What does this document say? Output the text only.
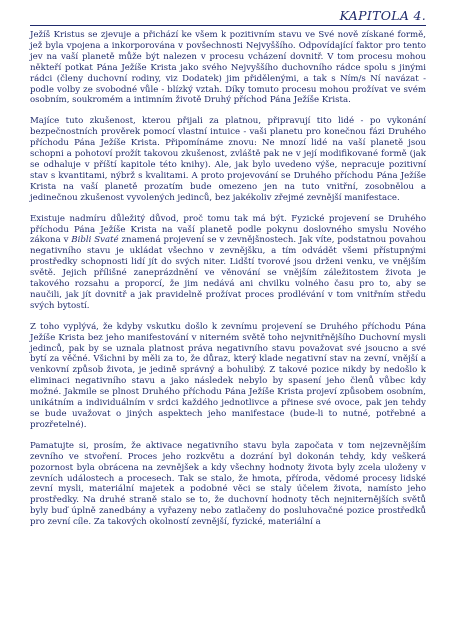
KAPITOLA 4.

Ježíš Kristus se zjevuje a přichází ke všem k pozitivním stavu ve Své nově získané formě, jež byla vpojena a inkorporována v povšechnosti Nejvyššího. Odpovídající faktor pro tento jev na vaší planetě může být nalezen v procesu vcházení dovnitř. V tom procesu mohou někteří potkat Pána Ježíše Krista jako svého Nejvyššího duchovního rádce spolu s jinými rádci (členy duchovní rodiny, viz Dodatek) jim přidělenými, a tak s Ním/s Ní navázat - podle volby ze svobodné vůle - blízký vztah. Díky tomuto procesu mohou prožívat ve svém osobním, soukromém a intimním životě Druhý příchod Pána Ježíše Krista.

Majíce tuto zkušenost, kterou přijali za platnou, připravují tito lidé - po vykonání bezpečnostních prověrek pomocí vlastní intuice - vaši planetu pro konečnou fázi Druhého příchodu Pána Ježíše Krista. Připomínáme znovu: Ne mnozí lidé na vaší planetě jsou schopni a pohotoví prožít takovou zkušenost, zvláště pak ne v její modifikované formě (jak se odhaluje v příští kapitole této knihy). Ale, jak bylo uvedeno výše, nepracuje pozitivní stav s kvantitami, nýbrž s kvalitami. A proto projevování se Druhého příchodu Pána Ježíše Krista na vaší planetě prozatím bude omezeno jen na tuto vnitřní, zosobnělou a jedinečnou zkušenost vyvolených jedinců, bez jakékoliv zřejmé zevnější manifestace.

Existuje nadmíru důležitý důvod, proč tomu tak má být. Fyzické projevení se Druhého příchodu Pána Ježíše Krista na vaší planetě podle pokynu doslovného smyslu Nového zákona v Bibli Svaté znamená projevení se v zevnějšnostech. Jak víte, podstatnou povahou negativního stavu je ukládat všechno v zevnějšku, a tím odvádět všemi přístupnými prostředky schopnosti lidí jít do svých niter. Lidští tvorové jsou drženi venku, ve vnějším světě. Jejich přílišné zaneprázdnění ve věnování se vnějším záležitostem života je takového rozsahu a proporcí, že jim nedává ani chvilku volného času pro to, aby se naučili, jak jít dovnitř a jak pravidelně prožívat proces prodlévání v tom vnitřním středu svých bytostí.

Z toho vyplývá, že kdyby vskutku došlo k zevnímu projevení se Druhého příchodu Pána Ježíše Krista bez jeho manifestování v niterném světě toho nejvnitřnějšího Duchovní mysli jedinců, pak by se uznala platnost práva negativního stavu považovat své jsoucno a své bytí za věčné. Všichni by měli za to, že důraz, který klade negativní stav na zevní, vnější a venkovní způsob života, je jedině správný a bohulibý. Z takové pozice nikdy by nedošlo k eliminaci negativního stavu a jako následek nebylo by spasení jeho členů vůbec kdy možné. Jakmile se plnost Druhého příchodu Pána Ježíše Krista projeví způsobem osobním, unikátním a individuálním v srdci každého jednotlivce a přinese své ovoce, pak jen tehdy se bude uvažovat o jiných aspektech jeho manifestace (bude-li to nutné, potřebné a prozřetelné).

Pamatujte si, prosím, že aktivace negativního stavu byla započata v tom nejzevnějším zevního ve stvoření. Proces jeho rozkvětu a dozrání byl dokonán tehdy, kdy veškerá pozornost byla obrácena na zevnějšek a kdy všechny hodnoty života byly zcela uloženy v zevních událostech a procesech. Tak se stalo, že hmota, příroda, vědomé procesy lidské zevní mysli, materiální majetek a podobné věci se staly účelem života, namísto jeho prostředky. Na druhé straně stalo se to, že duchovní hodnoty těch nejniternějších světů byly buď úplně zanedbány a vyřazeny nebo zatlačeny do posluhovačné pozice prostředků pro zevní cíle. Za takových okolností zevnější, fyzické, materiální a
